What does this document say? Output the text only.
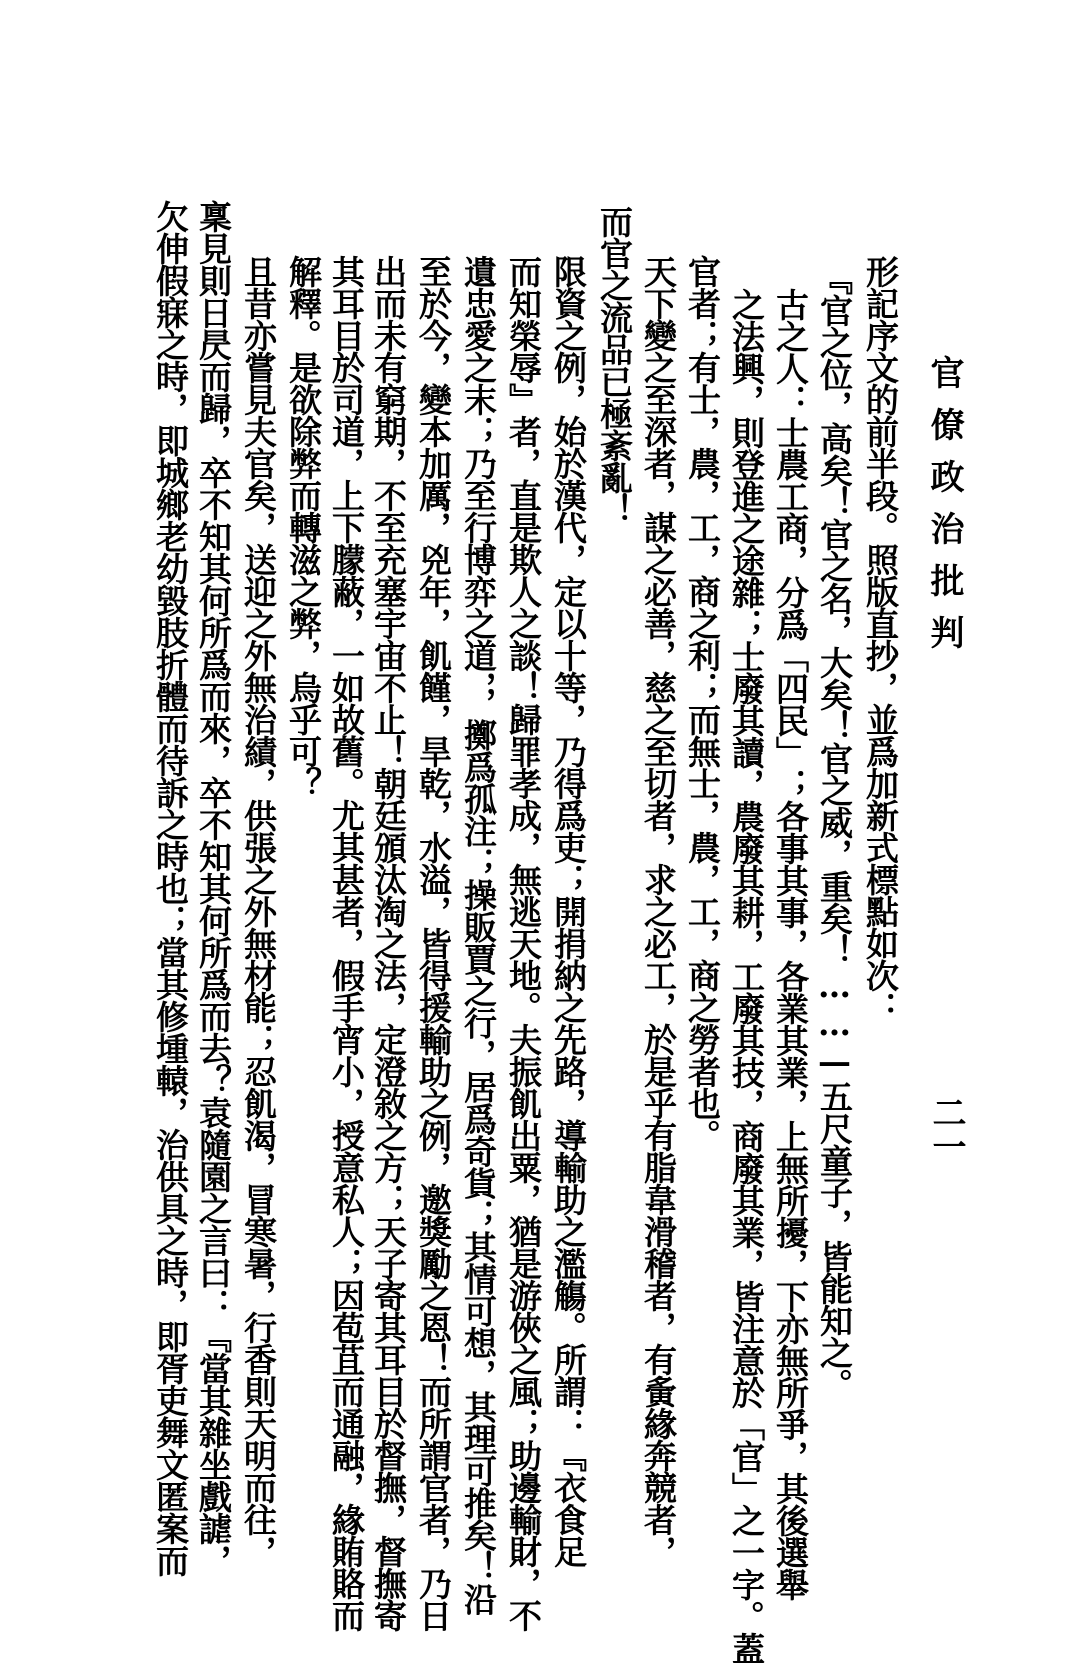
官僚政治批判
二一
形記序文的前半段。照版直抄，並爲加新式標點如次：
『官之位，高矣！官之名，大矣！官之威，重矣！……—五尺童子，皆能知之。
古之人：士農工商，分爲「四民」；各事其事，各業其業，上無所擾，下亦無所爭，其後選舉
之法興，則登進之途雜；士廢其讀，農廢其耕，工廢其技，商廢其業，皆注意於「官」之一字。蓋
官者；有士，農，工，商之利；而無士，農，工，商之勞者也。
天下變之至深者，謀之必善，慈之至切者，求之必工，於是乎有脂韋滑稽者，有夤緣奔競者，
而官之流品已極紊亂！
限資之例，始於漢代，定以十等，乃得爲吏；開捐納之先路，導輸助之濫觴。所謂：『衣食足
而知榮辱』者，直是欺人之談！歸罪孝成，無逃天地。夫振飢出粟，猶是游俠之風；助邊輸財，不
遺忠愛之末；乃至行博弈之道，，擲爲孤注；操販賈之行，居爲奇貨；其情可想，其理可推矣！沿
至於今，變本加厲，兇年，飢饉，旱乾，水溢，皆得援輸助之例，邀獎勵之恩！而所謂官者，乃日
出而未有窮期，不至充塞宇宙不止！朝廷頒汰淘之法，定澄敘之方；天子寄其耳目於督撫，督撫寄
其耳目於司道，上下朦蔽，一如故舊。尤其甚者，假手宵小，授意私人；因苞苴而通融，緣賄賂而
解釋。是欲除弊而轉滋之弊，烏乎可？
且昔亦嘗見夫官矣，送迎之外無治績，供張之外無材能；忍飢渴，冒寒暑，行香則天明而往，
稟見則日昃而歸，卒不知其何所爲而來，卒不知其何所爲而去？袁隨園之言曰：『當其雜坐戲謔，
欠伸假寐之時，即城鄉老幼毀肢折體而待訴之時也；當其修堹轅，治供具之時，即胥吏舞文匿案而
